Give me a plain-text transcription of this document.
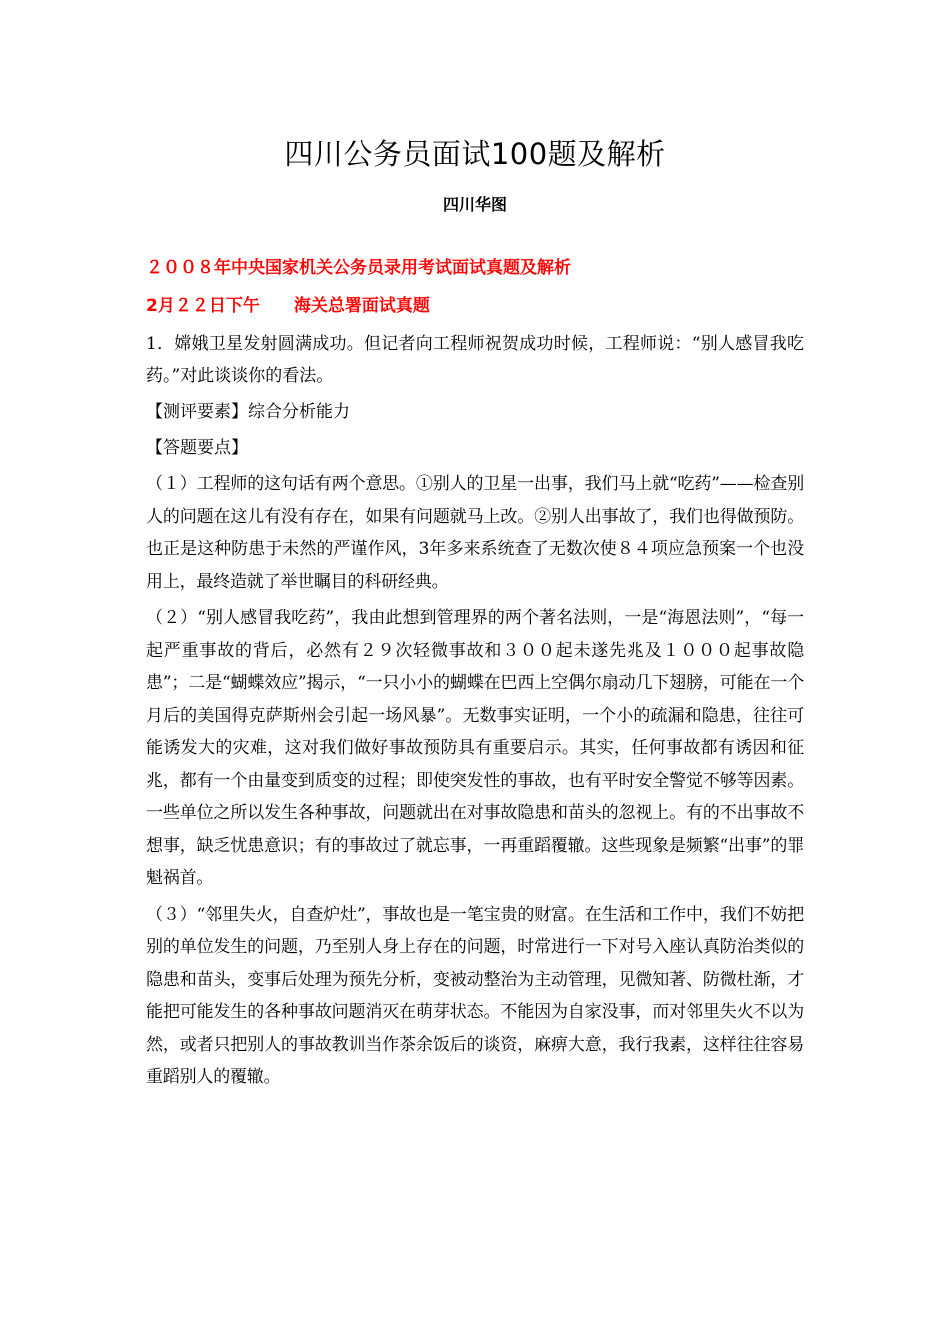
四川公务员面试100题及解析
四川华图
２００８年中央国家机关公务员录用考试面试真题及解析
2月２２日下午　　海关总署面试真题

1．嫦娥卫星发射圆满成功。但记者向工程师祝贺成功时候，工程师说：“别人感冒我吃药。”对此谈谈你的看法。

【测评要素】综合分析能力

【答题要点】

（１）工程师的这句话有两个意思。①别人的卫星一出事，我们马上就“吃药”——检查别人的问题在这儿有没有存在，如果有问题就马上改。②别人出事故了，我们也得做预防。也正是这种防患于未然的严谨作风，3年多来系统查了无数次使８４项应急预案一个也没用上，最终造就了举世瞩目的科研经典。

（２）“别人感冒我吃药”，我由此想到管理界的两个著名法则，一是“海恩法则”，“每一起严重事故的背后，必然有２９次轻微事故和３００起未遂先兆及１０００起事故隐患”；二是“蝴蝶效应”揭示，“一只小小的蝴蝶在巴西上空偶尔扇动几下翅膀，可能在一个月后的美国得克萨斯州会引起一场风暴”。无数事实证明，一个小的疏漏和隐患，往往可能诱发大的灾难，这对我们做好事故预防具有重要启示。其实，任何事故都有诱因和征兆，都有一个由量变到质变的过程；即使突发性的事故，也有平时安全警觉不够等因素。一些单位之所以发生各种事故，问题就出在对事故隐患和苗头的忽视上。有的不出事故不想事，缺乏忧患意识；有的事故过了就忘事，一再重蹈覆辙。这些现象是频繁“出事”的罪魁祸首。

（３）“邻里失火，自查炉灶”，事故也是一笔宝贵的财富。在生活和工作中，我们不妨把别的单位发生的问题，乃至别人身上存在的问题，时常进行一下对号入座认真防治类似的隐患和苗头，变事后处理为预先分析，变被动整治为主动管理，见微知著、防微杜渐，才能把可能发生的各种事故问题消灭在萌芽状态。不能因为自家没事，而对邻里失火不以为然，或者只把别人的事故教训当作茶余饭后的谈资，麻痹大意，我行我素，这样往往容易重蹈别人的覆辙。
